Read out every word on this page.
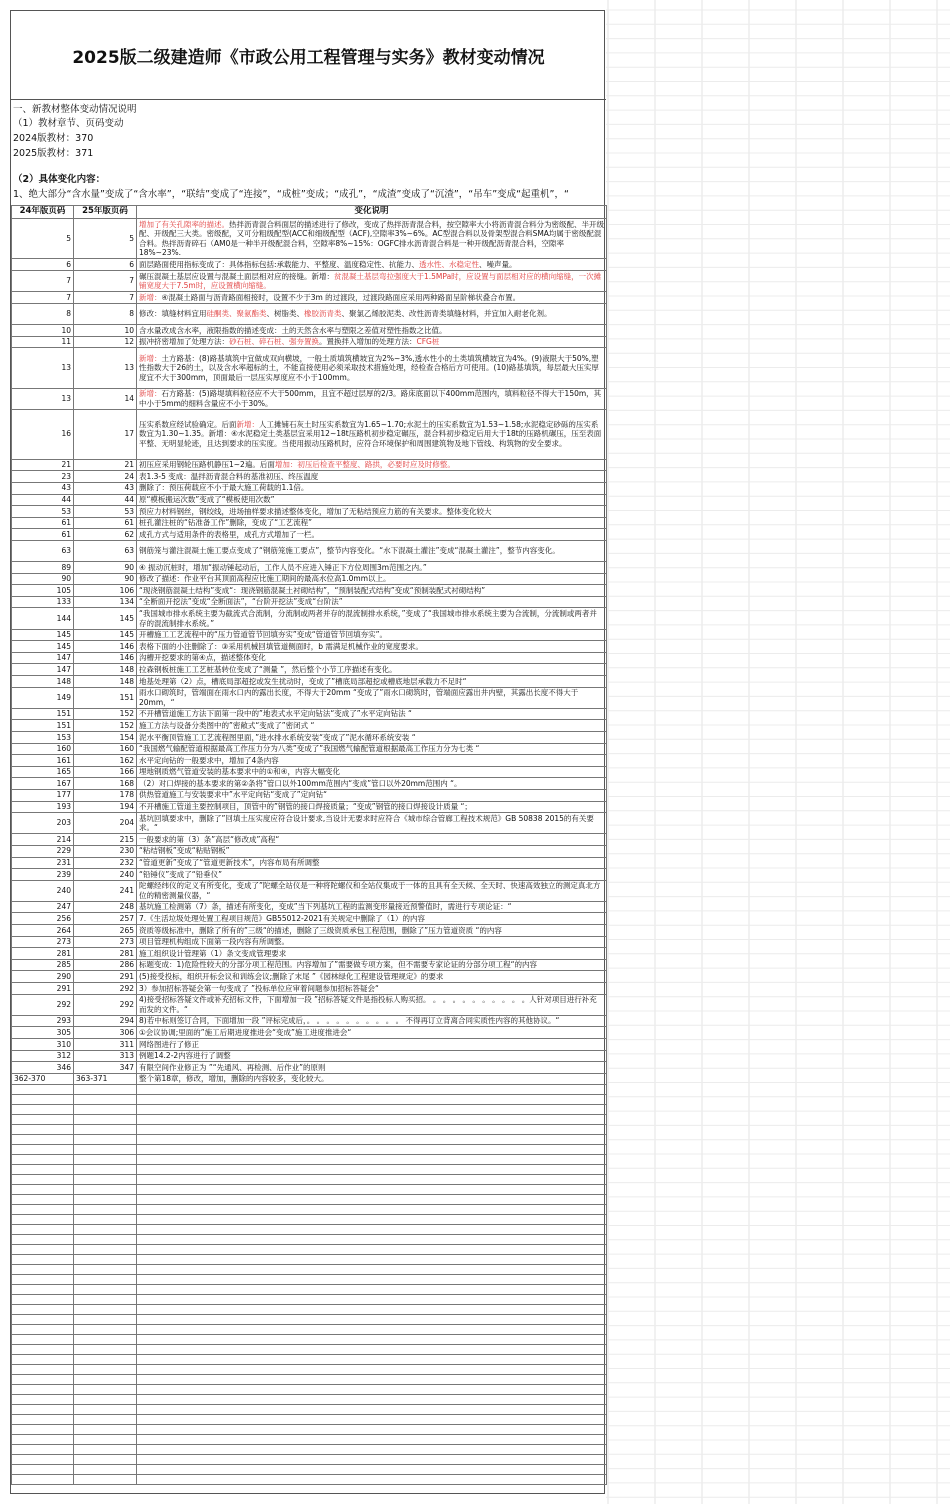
2025版二级建造师《市政公用工程管理与实务》教材变动情况
一、新教材整体变动情况说明
（1）教材章节、页码变动
2024版教材：370
2025版教材：371
（2）具体变化内容：
1、绝大部分“含水量”变成了“含水率”，“联结”变成了“连接”，“成桩”变成；“成孔”，“成渣”变成了“沉渣”，“吊车”变成“起重机”，“
24年版页码	25年版页码	变化说明
5	5	增加了有关孔隙率的描述。热拌沥青混合料面层的描述进行了修改，变成了热拌沥青混合料，按空隙率大小将沥青混合料分为密级配、半开级配、开级配三大类。密级配，又可分粗级配型(ACC和细级配型（ACF),空隙率3%~6%。AC型混合料以及骨架型混合料SMA均属于密级配混合料。热拌沥青碎石（AM0是一种半开级配混合料，空隙率8%~15%：OGFC排水沥青混合料是一种开级配沥青混合料，空隙率18%~23%.
6	6	面层路面使用指标变成了：具体指标包括:承载能力、平整度、温度稳定性、抗能力、透水性、水稳定性、噪声量。
7	7	碾压混凝土基层应设置与混凝土面层相对应的接缝。新增：贫混凝土基层弯拉强度大于1.5MPa时，应设置与面层相对应的横向缩缝，一次摊铺宽度大于7.5m时，应设置横向缩缝。
7	7	新增：④混凝土路面与沥青路面相接时，设置不少于3m 的过渡段，过渡段路面应采用两种路面呈阶梯状叠合布置。
8	8	修改：填缝材料宜用硅酮类、聚氨酯类、树脂类、橡胶沥青类、聚氯乙烯胶泥类、改性沥青类填缝材料，并宜加入耐老化剂。
10	10	含水量改成含水率，液限指数的描述变成：土的天然含水率与塑限之差值对塑性指数之比值。
11	12	振冲挤密增加了处理方法：砂石桩、碎石桩、强夯置换。置换拌入增加的处理方法：CFG桩
13	13	新增：土方路基：(8)路基填筑中宜做成双向横坡，一般土质填筑横坡宜为2%~3%,透水性小的土类填筑横坡宜为4%。(9)液限大于50%,塑性指数大于26的土，以及含水率超标的土，不能直接使用必须采取技术措施处理，经检查合格后方可使用。(10)路基填筑，每层最大压实厚度宜不大于300mm，顶面最后一层压实厚度应不小于100mm。
13	14	新增：石方路基：(5)路堤填料粒径应不大于500mm，且宜不超过层厚的2/3。路床底面以下400mm范围内，填料粒径不得大于150m，其中小于5mm的细料含量应不小于30%。
16	17	压实系数应经试验确定。后面新增：人工摊铺石灰土时压实系数宜为1.65~1.70;水泥土的压实系数宜为1.53~1.58;水泥稳定砂砾的压实系数宜为1.30~1.35。新增：④水泥稳定土类基层宜采用12~18t压路机初步稳定碾压，混合料初步稳定后用大于18t的压路机碾压，压至表面平整、无明显轮迹，且达到要求的压实度。当使用振动压路机时，应符合环境保护和周围建筑物及地下管线、构筑物的安全要求。
21	21	初压应采用钢轮压路机静压1~2遍。后面增加：初压后检查平整度、路拱，必要时应及时修整。
23	24	表1.3-5 变成：温拌沥青混合料的基准初压、终压温度
43	43	删除了：预压荷载应不小于最大施工荷载的1.1倍。
44	44	原“模板搬运次数”变成了“模板使用次数”
53	53	预应力材料钢丝，钢绞线，进场抽样要求描述整体变化，增加了无粘结预应力筋的有关要求。整体变化较大
61	61	桩孔灌注桩的“钻准备工作”删除，变成了“工艺流程”
61	62	成孔方式与适用条件的表格里，成孔方式增加了一栏。
63	63	钢筋笼与灌注混凝土施工要点变成了“钢筋笼施工要点”，整节内容变化。“水下混凝土灌注”变成“混凝土灌注”，整节内容变化。
89	90	④ 振动沉桩时，增加“振动锤起动后，工作人员不应进入锤正下方位周围3m范围之内。”
90	90	修改了描述：作业平台其顶面高程应比施工期间的最高水位高1.0mm以上。
105	106	“现浇钢筋混凝土结构”变成“：现浇钢筋混凝土衬砌结构”，“预制装配式结构”变成“预制装配式衬砌结构”
133	134	“全断面开挖法”变成“全断面法”，“台阶开挖法”变成“台阶法”
144	145	“我国城市排水系统主要为截流式合流制，分流制或两者并存的混流制排水系统，”变成了“我国城市排水系统主要为合流制，分流制或两者并存的混流制排水系统。”
145	145	开槽施工工艺流程中的“压力管道管节回填夯实”变成“管道管节回填夯实”。
145	146	表格下面的小注删除了：③采用机械回填管道侧面时，b 需满足机械作业的宽度要求。
147	146	沟槽开挖要求的第④点，描述整体变化
147	148	拉森钢板桩施工工艺桩基转位变成了“测量 ”，然后整个小节工序描述有变化。
148	148	地基处理第（2）点，槽底局部超挖或发生扰动时，变成了”槽底局部超挖或槽底地层承载力不足时“
149	151	雨水口砌筑时，管端面在雨水口内的露出长度，不得大于20mm “变成了”雨水口砌筑时，管端面应露出井内壁，其露出长度不得大于20mm，“
151	152	不开槽管道施工方法下面第一段中的”地表式水平定向钻法“变成了”水平定向钻法 “
151	152	施工方法与设备分类图中的”密敞式“变成了”密闭式 “
153	154	泥水平衡顶管施工工艺流程图里面，”进水排水系统安装“变成了”泥水循环系统安装 “
160	160	“我国燃气输配管道根据最高工作压力分为八类”变成了”我国燃气输配管道根据最高工作压力分为七类 “
161	162	水平定向钻的一般要求中，增加了4条内容
165	166	埋地钢质燃气管道安装的基本要求中的①和④，内容大幅变化
167	168	（2）对口焊接的基本要求的第②条将”管口以外100mm范围内“变成”管口以外20mm范围内 “。
177	178	供热管道施工与安装要求中”水平定向钻“变成了”定向钻“
193	194	不开槽施工管道主要控制项目，顶管中的”钢管的接口焊接质量；“变成”钢管的接口焊接设计质量 “；
203	204	基坑回填要求中，删除了”回填土压实度应符合设计要求,当设计无要求时应符合《城市综合管廊工程技术规范》GB 50838 2015的有关要求。“
214	215	一般要求的第（3）条”高层“修改成”高程“
229	230	“粘结钢板”变成“粘贴钢板”
231	232	“管道更新”变成了“管道更新技术”，内容布局有所调整
239	240	“铅锤仪”变成了“铅垂仪”
240	241	陀螺经纬仪的定义有所变化，变成了”陀螺全站仪是一种将陀螺仪和全站仪集成于一体的且具有全天候、全天时、快速高效独立的测定真北方位的精密测量仪器，“
247	248	基坑施工检测第（7）条，描述有所变化，变成”当下列基坑工程的监测变形量接近预警值时，需进行专项论证：“
256	257	7.《生活垃圾处理处置工程项目规范》GB55012-2021有关规定中删除了（1）的内容
264	265	资质等级标准中，删除了所有的”三级“的描述，删除了三级资质承包工程范围，删除了”压力管道资质 “的内容
273	273	项目管理机构组成下面第一段内容有所调整。
281	281	施工组织设计管理第（1）条文变成管理要求
285	286	标题变成：1)危险性较大的分部分项工程范围。内容增加了”需要做专项方案，但不需要专家论证的分部分项工程“的内容
290	291	(5)接受投标，组织开标会议和训练会议;删除了末尾 ”《园林绿化工程建设管理规定》的要求
291	292	3）参加招标答疑会第一句变成了 ”投标单位应审着间题参加招标答疑会“
292	292	4)接受招标答疑文件或补充招标文件，下面增加一段 ”招标答疑文件是指投标人购买招。 。 。 。 。 。 。 。 。 。 。人针对项目进行补充而发的文件。“
293	294	8)若中标则签订合同，下面增加一段 ”评标完成后，。 。 。 。 。 。 。 。 。 。 不得再订立背离合同实质性内容的其他协议。“
305	306	①会议协调;里面的”施工后期进度推进会“变成”施工进度推进会“
310	311	网络图进行了修正
312	313	例题14.2-2内容进行了调整
346	347	有限空间作业修正为 ”“先通风、再检测、后作业”的原则
362-370	363-371	整个第18章，修改，增加，删除的内容较多，变化较大。
